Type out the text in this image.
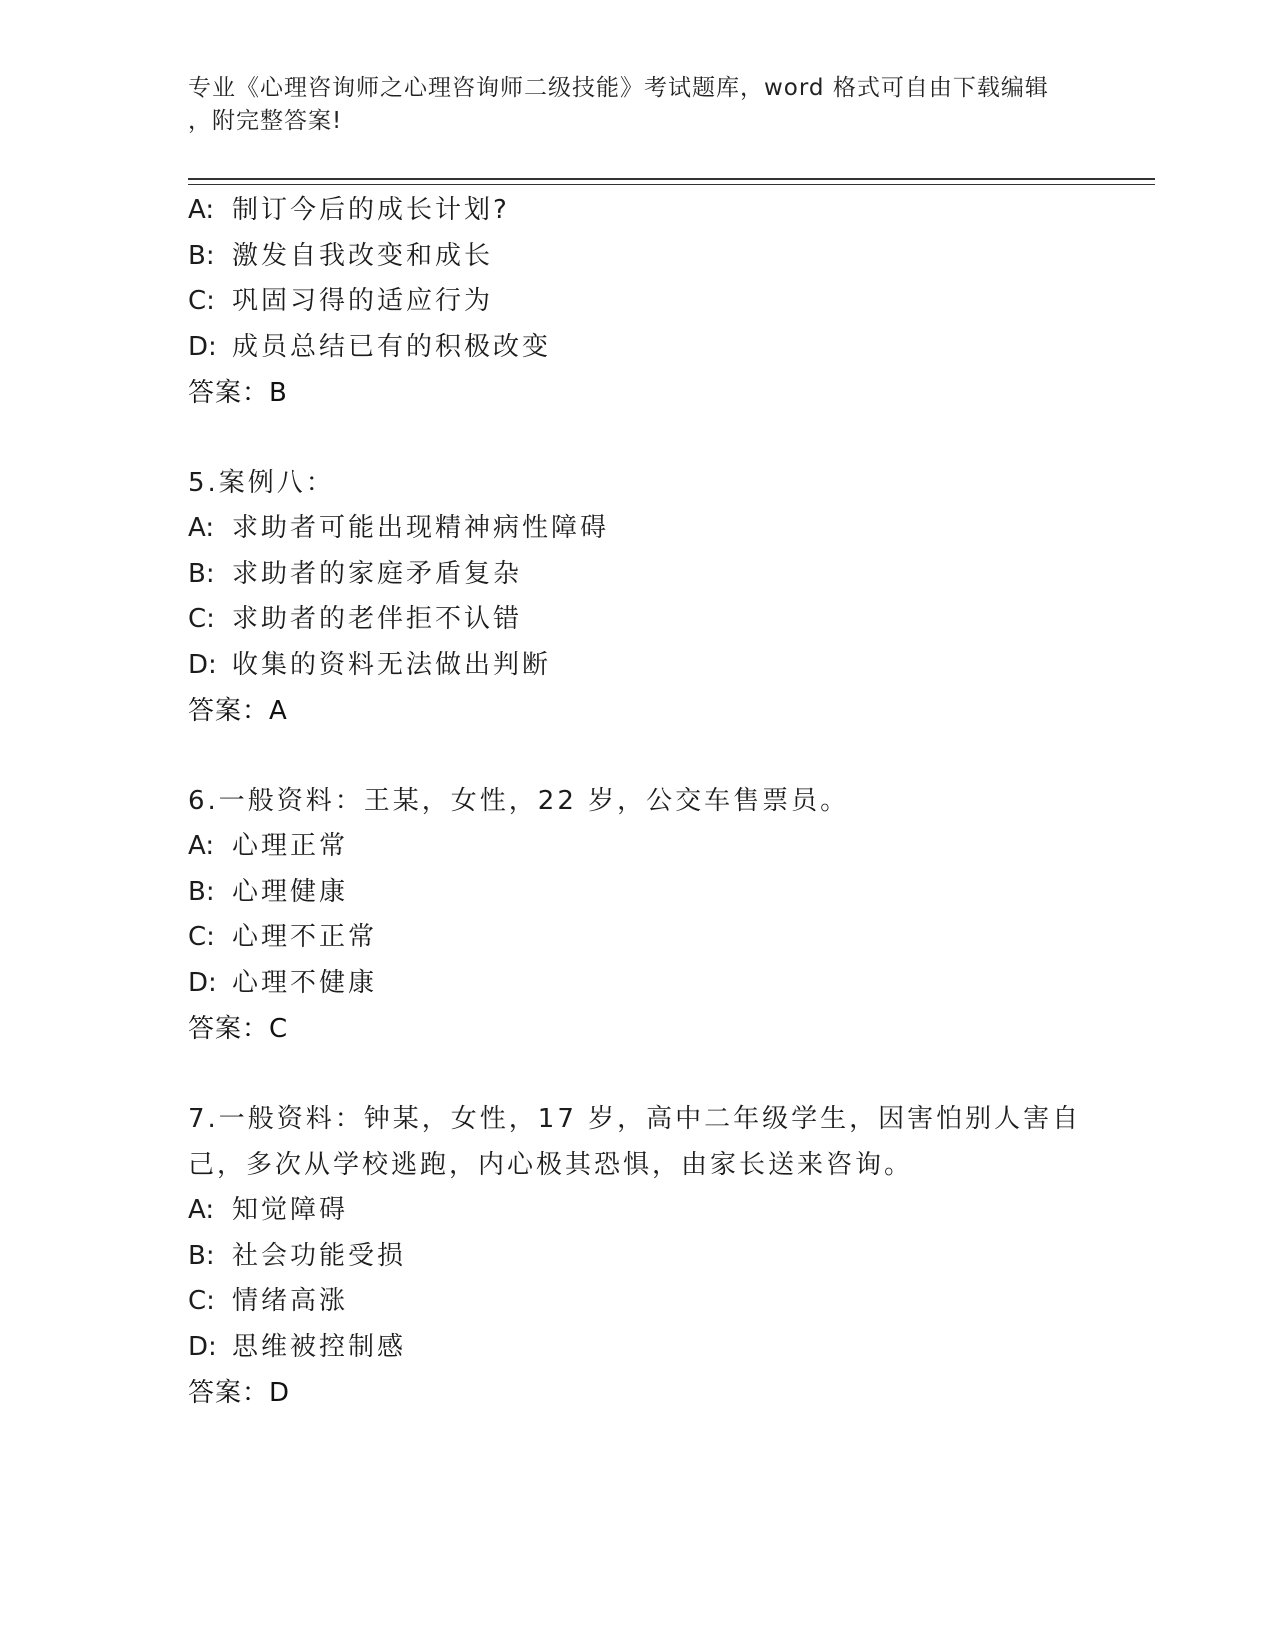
专业《心理咨询师之心理咨询师二级技能》考试题库，word 格式可自由下载编辑
，附完整答案!
A: 制订今后的成长计划?
B: 激发自我改变和成长
C: 巩固习得的适应行为
D: 成员总结已有的积极改变
答案：B
5.案例八：
A: 求助者可能出现精神病性障碍
B: 求助者的家庭矛盾复杂
C: 求助者的老伴拒不认错
D: 收集的资料无法做出判断
答案：A
6.一般资料：王某，女性，22 岁，公交车售票员。
A: 心理正常
B: 心理健康
C: 心理不正常
D: 心理不健康
答案：C
7.一般资料：钟某，女性，17 岁，高中二年级学生，因害怕别人害自
己，多次从学校逃跑，内心极其恐惧，由家长送来咨询。
A: 知觉障碍
B: 社会功能受损
C: 情绪高涨
D: 思维被控制感
答案：D
